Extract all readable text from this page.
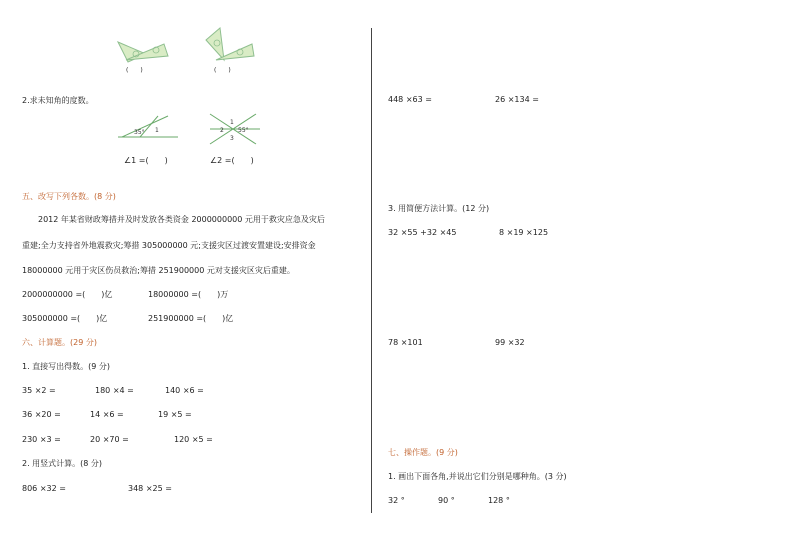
(　　)	(　　)
2.求未知角的度数。
35° 1	2
1
3
55°
∠1 =(　　)	∠2 =(　　)
五、改写下列各数。(8 分)
2012 年某省财政筹措并及时发放各类资金 2000000000 元用于救灾应急及灾后
重建;全力支持省外地震救灾;筹措 305000000 元;支援灾区过渡安置建设;安排资金
18000000 元用于灾区伤员救治;筹措 251900000 元对支援灾区灾后重建。
2000000000 =(　　)亿	18000000 =(　　)万
305000000 =(　　)亿	251900000 =(　　)亿
六、计算题。(29 分)
1. 直接写出得数。(9 分)
35 ×2 =	180 ×4 =	140 ×6 =
36 ×20 =	14 ×6 =	19 ×5 =
230 ×3 =	20 ×70 =	120 ×5 =
2. 用竖式计算。(8 分)
806 ×32 =	348 ×25 =
448 ×63 =	26 ×134 =
3. 用简便方法计算。(12 分)
32 ×55 +32 ×45	8 ×19 ×125
78 ×101	99 ×32
七、操作题。(9 分)
1. 画出下面各角,并说出它们分别是哪种角。(3 分)
32 °	90 °	128 °
